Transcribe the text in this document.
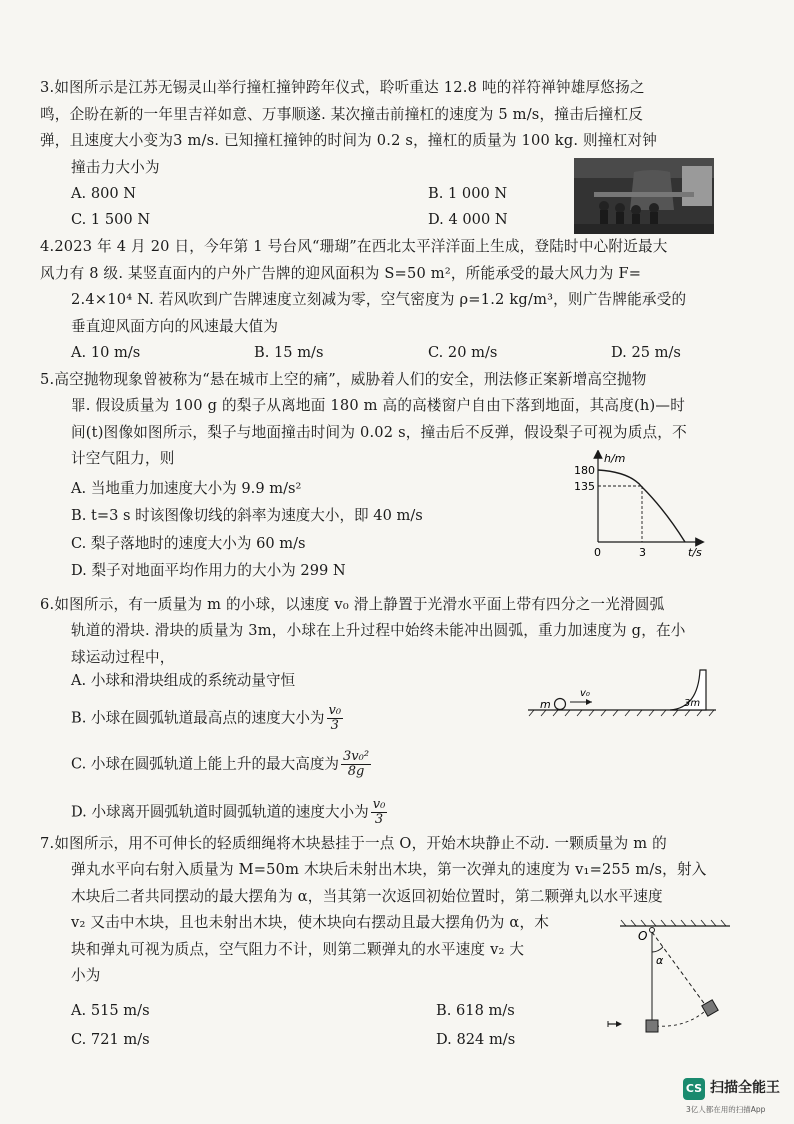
3.如图所示是江苏无锡灵山举行撞杠撞钟跨年仪式，聆听重达 12.8 吨的祥符禅钟雄厚悠扬之
鸣，企盼在新的一年里吉祥如意、万事顺遂. 某次撞击前撞杠的速度为 5 m/s，撞击后撞杠反
弹，且速度大小变为3 m/s. 已知撞杠撞钟的时间为 0.2 s，撞杠的质量为 100 kg. 则撞杠对钟
撞击力大小为
A. 800 N	B. 1 000 N
C. 1 500 N	D. 4 000 N
4.2023 年 4 月 20 日，今年第 1 号台风“珊瑚”在西北太平洋洋面上生成，登陆时中心附近最大
风力有 8 级. 某竖直面内的户外广告牌的迎风面积为 S=50 m²，所能承受的最大风力为 F=
2.4×10⁴ N. 若风吹到广告牌速度立刻减为零，空气密度为 ρ=1.2 kg/m³，则广告牌能承受的
垂直迎风面方向的风速最大值为
A. 10 m/s	B. 15 m/s	C. 20 m/s	D. 25 m/s
5.高空抛物现象曾被称为“悬在城市上空的痛”，威胁着人们的安全，刑法修正案新增高空抛物
罪. 假设质量为 100 g 的梨子从离地面 180 m 高的高楼窗户自由下落到地面，其高度(h)—时
间(t)图像如图所示，梨子与地面撞击时间为 0.02 s，撞击后不反弹，假设梨子可视为质点，不
计空气阻力，则
A. 当地重力加速度大小为 9.9 m/s²
B. t=3 s 时该图像切线的斜率为速度大小，即 40 m/s
C. 梨子落地时的速度大小为 60 m/s
D. 梨子对地面平均作用力的大小为 299 N
h/m
180
135
0	3	t/s
6.如图所示，有一质量为 m 的小球，以速度 v₀ 滑上静置于光滑水平面上带有四分之一光滑圆弧
轨道的滑块. 滑块的质量为 3m，小球在上升过程中始终未能冲出圆弧，重力加速度为 g，在小
球运动过程中，
A. 小球和滑块组成的系统动量守恒
B. 小球在圆弧轨道最高点的速度大小为 $\frac{\text{v₀}}{3}$
C. 小球在圆弧轨道上能上升的最大高度为 $\frac{\text{3v₀²}}{8g}$
D. 小球离开圆弧轨道时圆弧轨道的速度大小为 $\frac{\text{v₀}}{3}$
m
v₀
3m
7.如图所示，用不可伸长的轻质细绳将木块悬挂于一点 O，开始木块静止不动. 一颗质量为 m 的
弹丸水平向右射入质量为 M=50m 木块后未射出木块，第一次弹丸的速度为 v₁=255 m/s，射入
木块后二者共同摆动的最大摆角为 α，当其第一次返回初始位置时，第二颗弹丸以水平速度
v₂ 又击中木块，且也未射出木块，使木块向右摆动且最大摆角仍为 α，木
块和弹丸可视为质点，空气阻力不计，则第二颗弹丸的水平速度 v₂ 大
小为
A. 515 m/s	B. 618 m/s
C. 721 m/s	D. 824 m/s
O
α
CS 扫描全能王
3亿人都在用的扫描App
